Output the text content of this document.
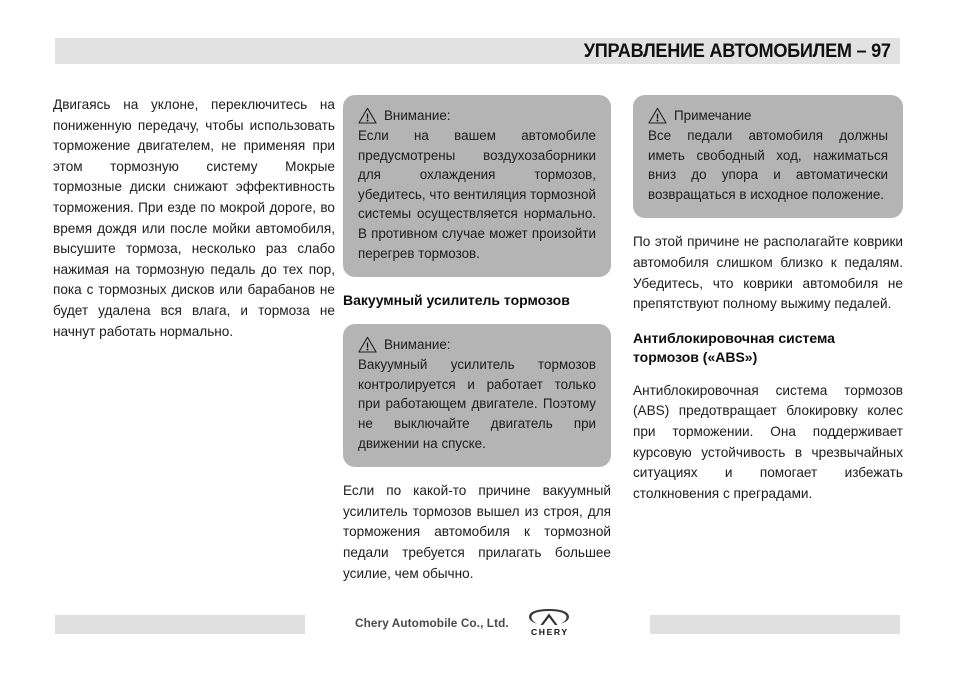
УПРАВЛЕНИЕ АВТОМОБИЛЕМ – 97

Двигаясь на уклоне, переключитесь на пониженную передачу, чтобы использовать торможение двигателем, не применяя при этом тормозную систему Мокрые тормозные диски снижают эффективность торможения. При езде по мокрой дороге, во время дождя или после мойки автомобиля, высушите тормоза, несколько раз слабо нажимая на тормозную педаль до тех пор, пока с тормозных дисков или барабанов не будет удалена вся влага, и тормоза не начнут работать нормально.

Внимание:

Если на вашем автомобиле предусмотрены воздухозаборники для охлаждения тормозов, убедитесь, что вентиляция тормозной системы осуществляется нормально. В противном случае может произойти перегрев тормозов.

Вакуумный усилитель тормозов
Внимание:

Вакуумный усилитель тормозов контролируется и работает только при работающем двигателе. Поэтому не выключайте двигатель при движении на спуске.

Если по какой-то причине вакуумный усилитель тормозов вышел из строя, для торможения автомобиля к тормозной педали требуется прилагать большее усилие, чем обычно.

Примечание

Все педали автомобиля должны иметь свободный ход, нажиматься вниз до упора и автоматически возвращаться в исходное положение.

По этой причине не располагайте коврики автомобиля слишком близко к педалям. Убедитесь, что коврики автомобиля не препятствуют полному выжиму педалей.

Антиблокировочная система тормозов («ABS»)

Антиблокировочная система тормозов (ABS) предотвращает блокировку колес при торможении. Она поддерживает курсовую устойчивость в чрезвычайных ситуациях и помогает избежать столкновения с преградами.

Chery Automobile Co., Ltd.
CHERY
